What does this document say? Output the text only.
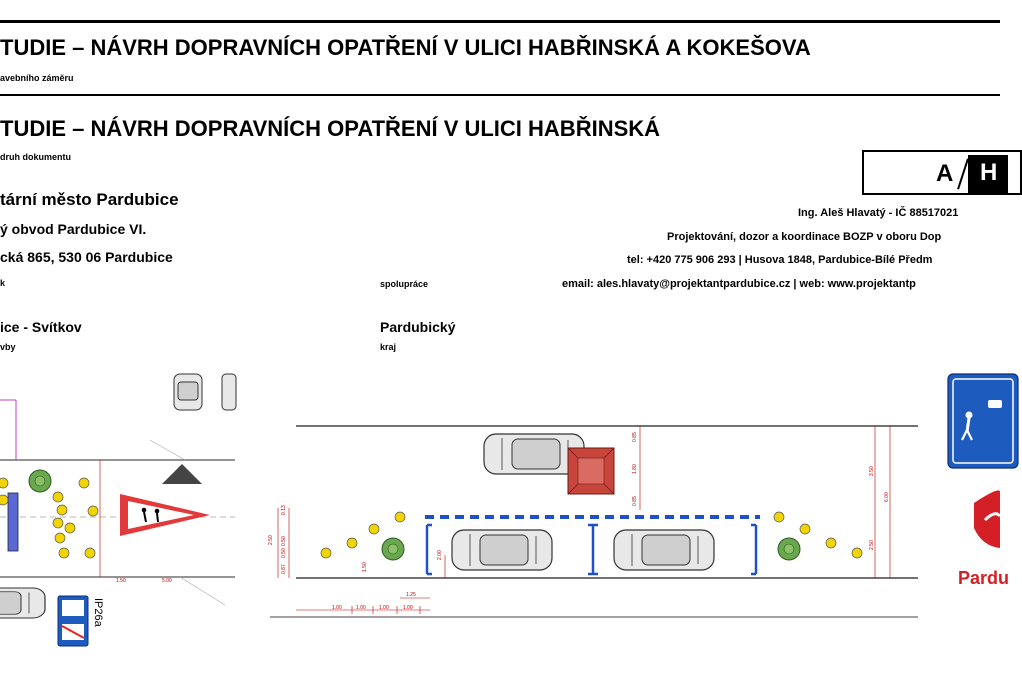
TUDIE – NÁVRH DOPRAVNÍCH OPATŘENÍ V ULICI HABŘINSKÁ A KOKEŠOVA
avebního záměru
TUDIE – NÁVRH DOPRAVNÍCH OPATŘENÍ V ULICI HABŘINSKÁ
druh dokumentu
tární město Pardubice
ý obvod Pardubice VI.
cká 865, 530 06 Pardubice
k
A H
Ing. Aleš Hlavatý - IČ 88517021
Projektování, dozor a koordinace BOZP v oboru Dop
tel: +420 775 906 293 | Husova 1848, Pardubice-Bílé Předm
email: ales.hlavaty@projektantpardubice.cz | web: www.projektantp
ice - Svítkov
vby
spolupráce
Pardubický
kraj
1.50	5.00
IP26a
2.50
0.87
0.50
0.50
0.13
1.50
2.00
0.85
1.80
0.85
3.50
6.00
2.50
1.00	1.00	1.00	1.00
1.25
Pardu
